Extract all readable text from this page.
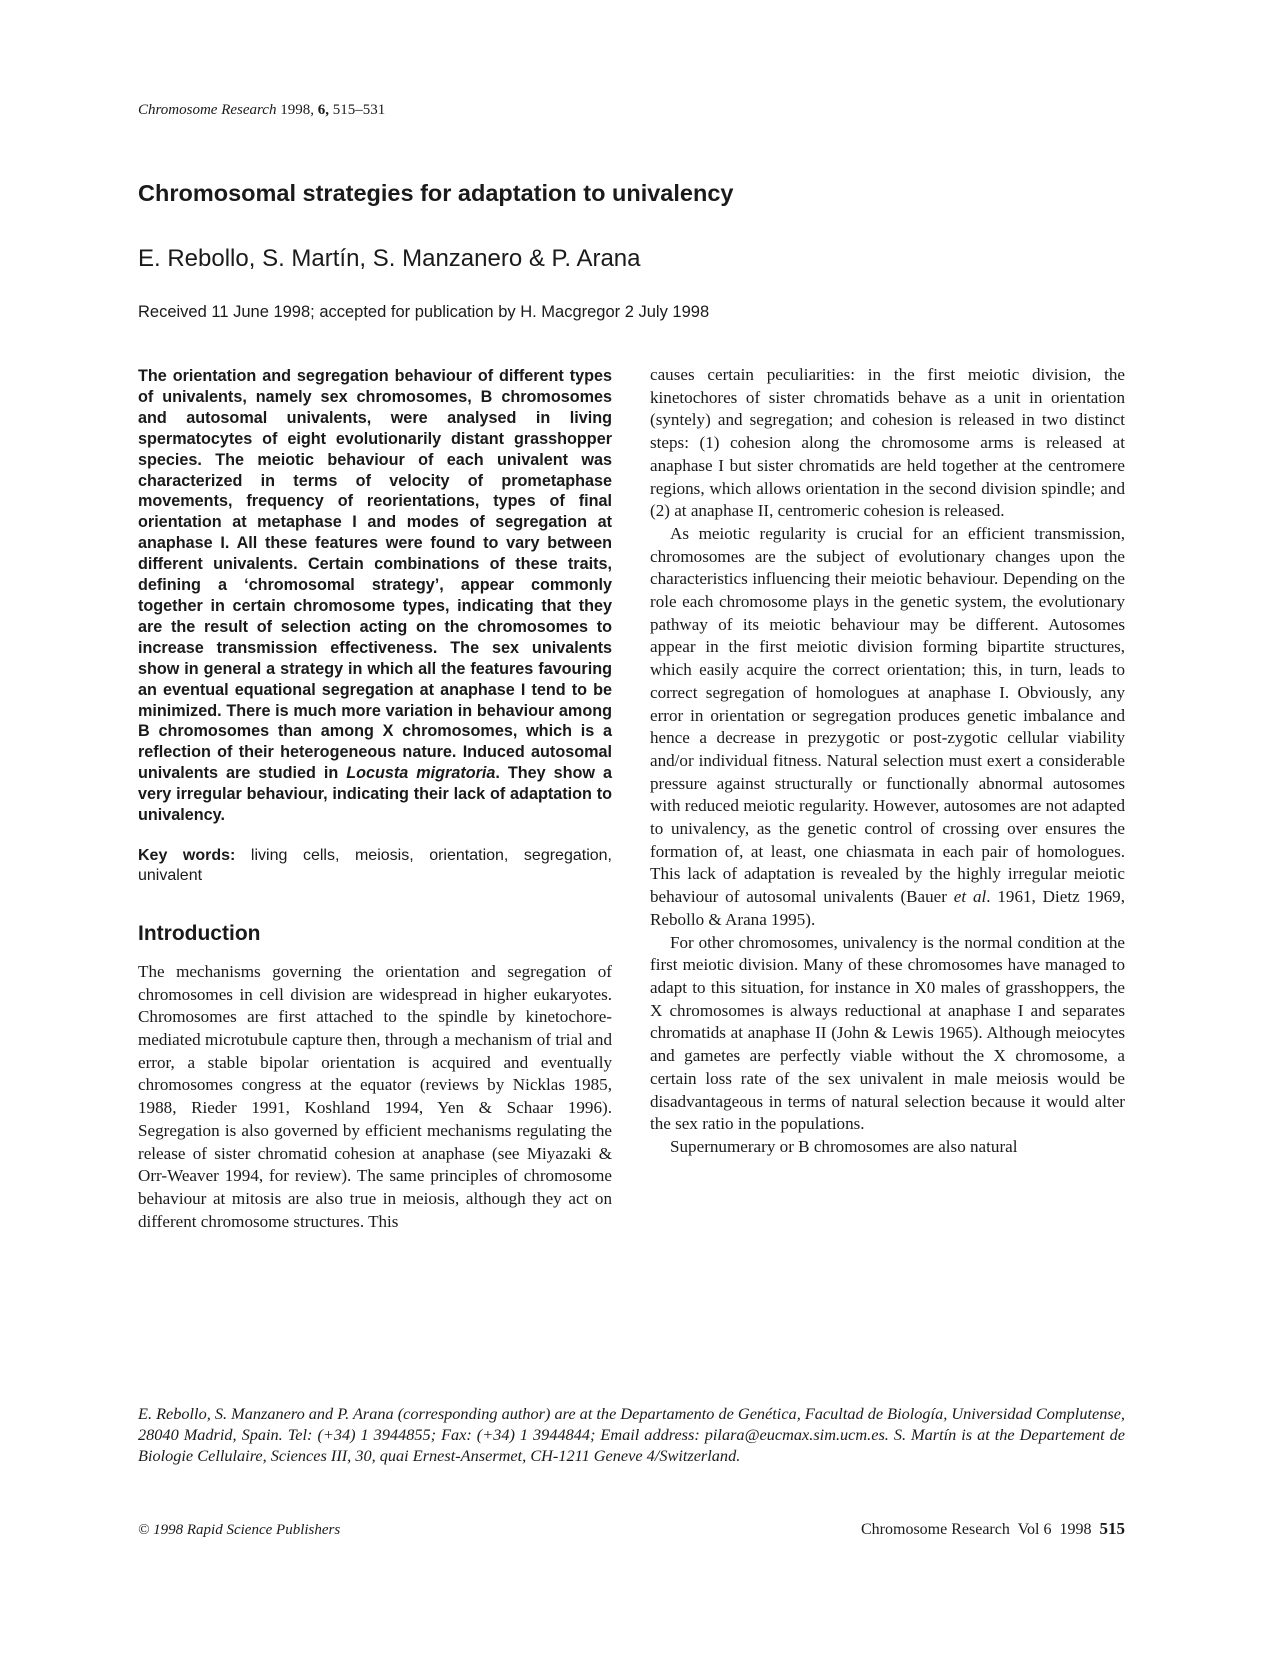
Chromosome Research 1998, 6, 515–531
Chromosomal strategies for adaptation to univalency
E. Rebollo, S. Martín, S. Manzanero & P. Arana

Received 11 June 1998; accepted for publication by H. Macgregor 2 July 1998

The orientation and segregation behaviour of different types of univalents, namely sex chromosomes, B chromosomes and autosomal univalents, were analysed in living spermatocytes of eight evolutionarily distant grasshopper species. The meiotic behaviour of each univalent was characterized in terms of velocity of prometaphase movements, frequency of reorientations, types of final orientation at metaphase I and modes of segregation at anaphase I. All these features were found to vary between different univalents. Certain combinations of these traits, defining a ‘chromosomal strategy’, appear commonly together in certain chromosome types, indicating that they are the result of selection acting on the chromosomes to increase transmission effectiveness. The sex univalents show in general a strategy in which all the features favouring an eventual equational segregation at anaphase I tend to be minimized. There is much more variation in behaviour among B chromosomes than among X chromosomes, which is a reflection of their heterogeneous nature. Induced autosomal univalents are studied in Locusta migratoria. They show a very irregular behaviour, indicating their lack of adaptation to univalency.

Key words: living cells, meiosis, orientation, segregation, univalent

Introduction

The mechanisms governing the orientation and segregation of chromosomes in cell division are widespread in higher eukaryotes. Chromosomes are first attached to the spindle by kinetochore-mediated microtubule capture then, through a mechanism of trial and error, a stable bipolar orientation is acquired and eventually chromosomes congress at the equator (reviews by Nicklas 1985, 1988, Rieder 1991, Koshland 1994, Yen & Schaar 1996). Segregation is also governed by efficient mechanisms regulating the release of sister chromatid cohesion at anaphase (see Miyazaki & Orr-Weaver 1994, for review). The same principles of chromosome behaviour at mitosis are also true in meiosis, although they act on different chromosome structures. This

causes certain peculiarities: in the first meiotic division, the kinetochores of sister chromatids behave as a unit in orientation (syntely) and segregation; and cohesion is released in two distinct steps: (1) cohesion along the chromosome arms is released at anaphase I but sister chromatids are held together at the centromere regions, which allows orientation in the second division spindle; and (2) at anaphase II, centromeric cohesion is released.

As meiotic regularity is crucial for an efficient transmission, chromosomes are the subject of evolutionary changes upon the characteristics influencing their meiotic behaviour. Depending on the role each chromosome plays in the genetic system, the evolutionary pathway of its meiotic behaviour may be different. Autosomes appear in the first meiotic division forming bipartite structures, which easily acquire the correct orientation; this, in turn, leads to correct segregation of homologues at anaphase I. Obviously, any error in orientation or segregation produces genetic imbalance and hence a decrease in prezygotic or post-zygotic cellular viability and/or individual fitness. Natural selection must exert a considerable pressure against structurally or functionally abnormal autosomes with reduced meiotic regularity. However, autosomes are not adapted to univalency, as the genetic control of crossing over ensures the formation of, at least, one chiasmata in each pair of homologues. This lack of adaptation is revealed by the highly irregular meiotic behaviour of autosomal univalents (Bauer et al. 1961, Dietz 1969, Rebollo & Arana 1995).

For other chromosomes, univalency is the normal condition at the first meiotic division. Many of these chromosomes have managed to adapt to this situation, for instance in X0 males of grasshoppers, the X chromosomes is always reductional at anaphase I and separates chromatids at anaphase II (John & Lewis 1965). Although meiocytes and gametes are perfectly viable without the X chromosome, a certain loss rate of the sex univalent in male meiosis would be disadvantageous in terms of natural selection because it would alter the sex ratio in the populations.

Supernumerary or B chromosomes are also natural

E. Rebollo, S. Manzanero and P. Arana (corresponding author) are at the Departamento de Genética, Facultad de Biología, Universidad Complutense, 28040 Madrid, Spain. Tel: (+34) 1 3944855; Fax: (+34) 1 3944844; Email address: pilara@eucmax.sim.ucm.es. S. Martín is at the Departement de Biologie Cellulaire, Sciences III, 30, quai Ernest-Ansermet, CH-1211 Geneve 4/Switzerland.

© 1998 Rapid Science Publishers	Chromosome Research  Vol 6  1998 515
